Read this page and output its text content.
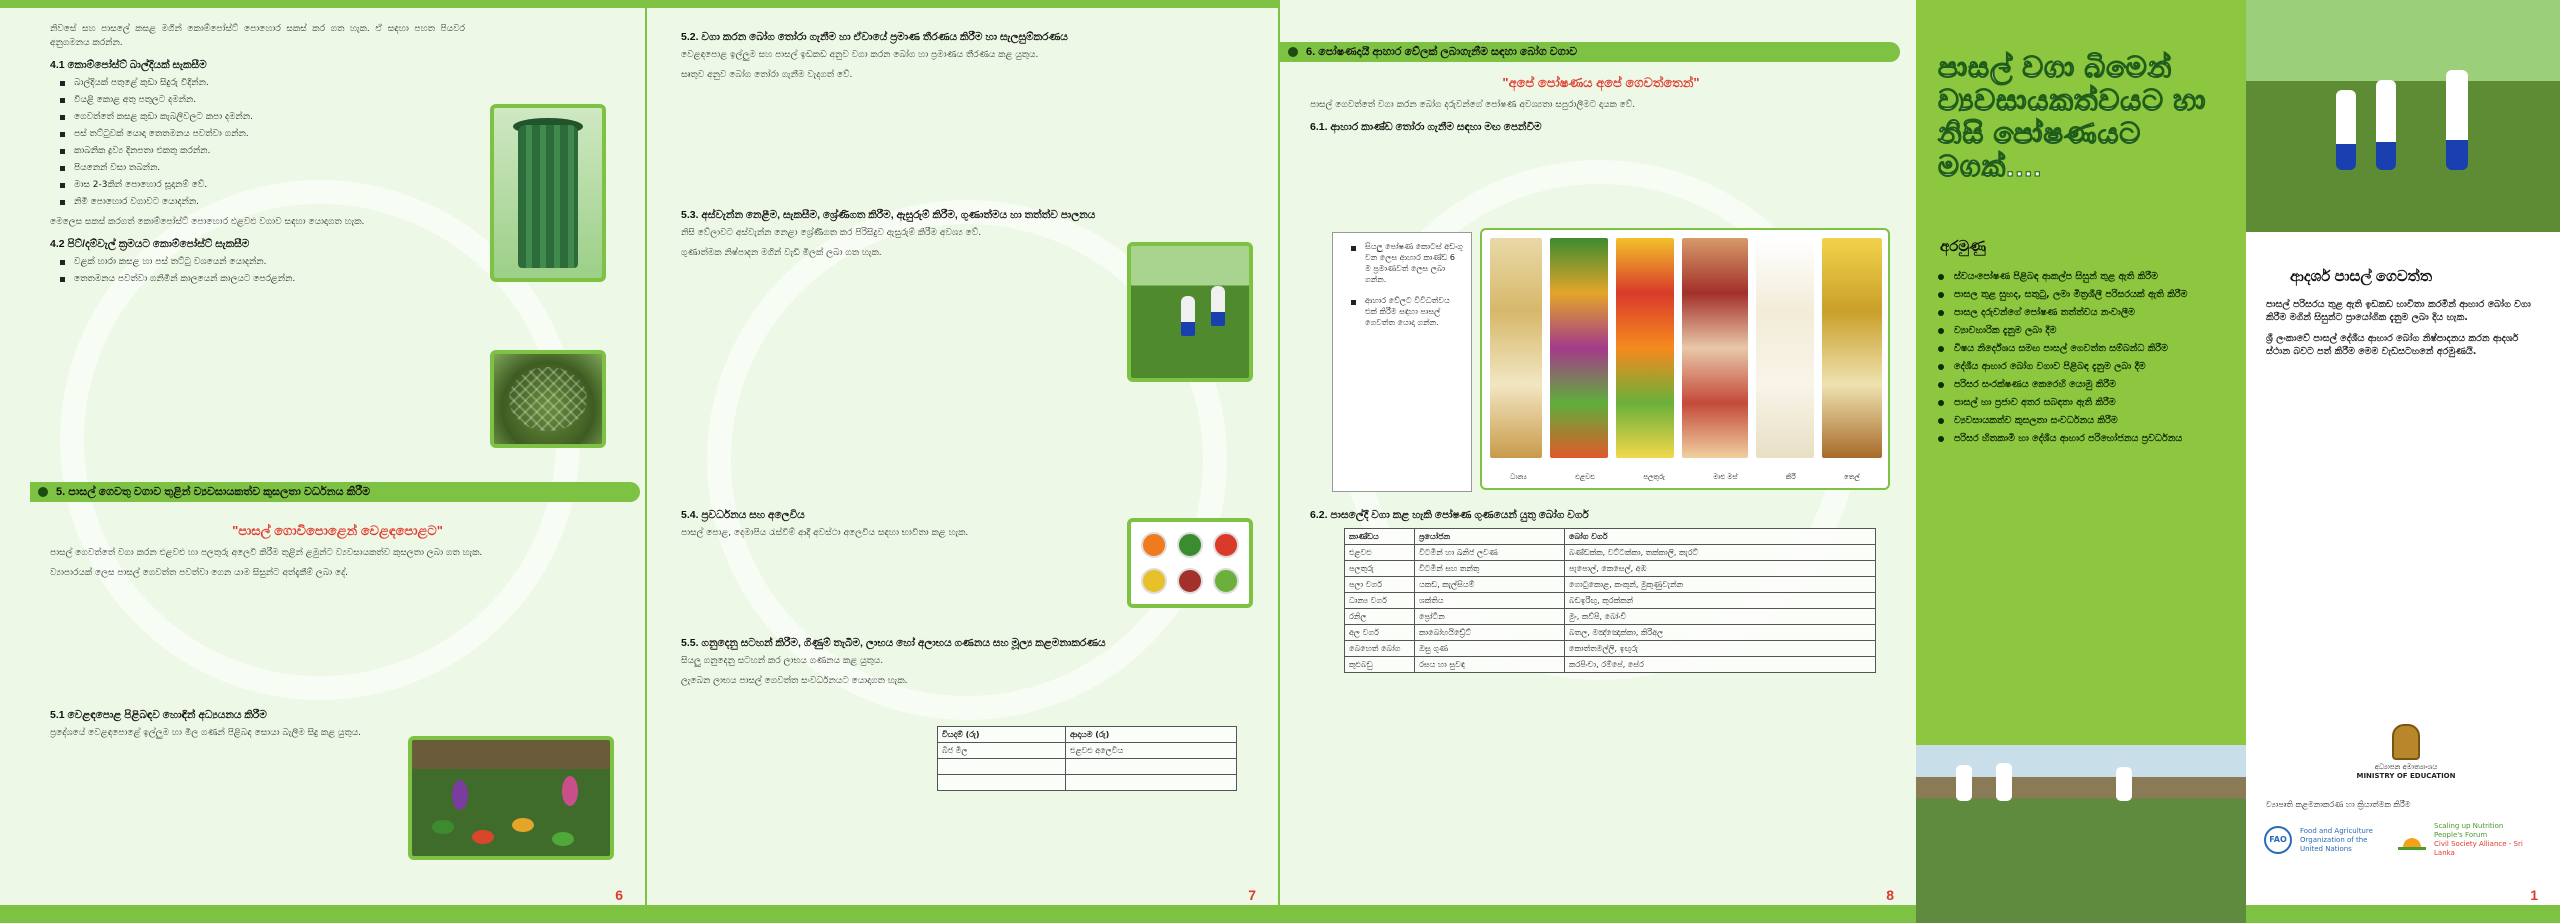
නිවසේ සහ පාසලේ කසළ මගින් කොම්පෝස්ට් පොහොර සකස් කර ගත හැක. ඒ සඳහා පහත පියවර අනුගමනය කරන්න.

4.1 කොම්පෝස්ට් බාල්දියක් සැකසීම
බාල්දියක් පතුළේ කුඩා සිදුරු විදින්න.
වියළි කොළ අතු පතුලට දමන්න.
ගෙවත්තේ කසළ කුඩා කැබලිවලට කපා දමන්න.
පස් තට්ටුවක් යොදා තෙතමනය පවත්වා ගන්න.
කාබනික ද්‍රව්‍ය දිනපතා එකතු කරන්න.
පියනෙන් වසා තබන්න.
මාස 2-3කින් පොහොර සූදානම් වේ.
නිමි පොහොර වගාවට යොදන්න.

මෙලෙස සකස් කරගත් කොම්පෝස්ට් පොහොර එළවළු වගාව සඳහා යොදාගත හැක.

4.2 පිට්/දම්වැල් ක්‍රමයට කොම්පෝස්ට් සැකසීම
වළක් හාරා කසළ හා පස් තට්ටු වශයෙන් යොදන්න.
තෙතමනය පවත්වා ගනිමින් කාලයෙන් කාලයට පෙරළන්න.
5. පාසල් ගෙවතු වගාව තුළින් ව්‍යවසායකත්ව කුසලතා වර්ධනය කිරීම
"පාසල් ගොවිපොළෙන් වෙළඳපොළට"

පාසල් ගෙවත්තේ වගා කරන එළවළු හා පලතුරු අලෙවි කිරීම තුළින් ළමුන්ට ව්‍යවසායකත්ව කුසලතා ලබා ගත හැක.

ව්‍යාපාරයක් ලෙස පාසල් ගෙවත්ත පවත්වා ගෙන යාම සිසුන්ට අත්දැකීම් ලබා දේ.

5.1 වෙළඳපොළ පිළිබඳව හොඳින් අධ්‍යයනය කිරීම

ප්‍රදේශයේ වෙළඳපොළේ ඉල්ලුම හා මිල ගණන් පිළිබඳ සොයා බැලීම සිදු කළ යුතුය.

6
5.2. වගා කරන බෝග තෝරා ගැනීම හා ඒවායේ ප්‍රමාණ තීරණය කිරීම හා සැලසුම්කරණය

වෙළඳපොළ ඉල්ලුම සහ පාසල් ඉඩකඩ අනුව වගා කරන බෝග හා ප්‍රමාණය තීරණය කළ යුතුය.

සෘතුව අනුව බෝග තෝරා ගැනීම වැදගත් වේ.

5.3. අස්වැන්න නෙළීම, සැකසීම, ශ්‍රේණිගත කිරීම, ඇසුරුම් කිරීම, ගුණාත්මය හා තත්ත්ව පාලනය

නිසි වේලාවට අස්වැන්න නෙළා ශ්‍රේණිගත කර පිරිසිදුව ඇසුරුම් කිරීම අවශ්‍ය වේ.

ගුණාත්මක නිෂ්පාදන මගින් වැඩි මිලක් ලබා ගත හැක.

5.4. ප්‍රවර්ධනය සහ අලෙවිය

පාසල් පොළ, දෙමාපිය රැස්වීම් ආදී අවස්ථා අලෙවිය සඳහා භාවිතා කළ හැක.

5.5. ගනුදෙනු සටහන් කිරීම, ගිණුම් තැබීම, ලාභය හෝ අලාභය ගණනය සහ මූල්‍ය කළමනාකරණය

සියලු ගනුදෙනු සටහන් කර ලාභය ගණනය කළ යුතුය.

ලැබෙන ලාභය පාසල් ගෙවත්ත සංවර්ධනයට යොදාගත හැක.

වියදම් (රු)	ආදායම (රු)
බීජ මිල	එළවළු අලෙවිය

7
6. පෝෂණදායී ආහාර වේලක් ලබාගැනීම සඳහා බෝග වගාව
"අපේ පෝෂණය අපේ ගෙවත්තෙන්"

පාසල් ගෙවත්තේ වගා කරන බෝග දරුවන්ගේ පෝෂණ අවශ්‍යතා සපුරාලීමට දායක වේ.

6.1. ආහාර කාණ්ඩ තෝරා ගැනීම සඳහා මඟ පෙන්වීම
සියලු පෝෂණ කොටස් අඩංගු වන ලෙස ආහාර කාණ්ඩ 6 ම ප්‍රමාණවත් ලෙස ලබා ගන්න.
ආහාර වේලට විවිධත්වය එක් කිරීම සඳහා පාසල් ගෙවත්ත යොදා ගන්න.
ධාන්‍ය	එළවළු	පලතුරු	මාළු මස්	කිරි	තෙල්
6.2. පාසලේදී වගා කළ හැකි පෝෂණ ගුණයෙන් යුතු බෝග වර්ග
කාණ්ඩය	ප්‍රයෝජන	බෝග වර්ග
එළවළු	විටමින් හා ඛනිජ ලවණ	බණ්ඩක්ක, වට්ටක්කා, තක්කාලි, කැරට්
පලතුරු	විටමින් සහ තන්තු	පැපොල්, කෙසෙල්, අඹ
පලා වර්ග	යකඩ, කැල්සියම්	ගොටුකොළ, කංකුන්, මුකුණුවැන්න
ධාන්‍ය වර්ග	ශක්තිය	බඩඉරිඟු, කුරක්කන්
රනිල	ප්‍රෝටීන	මුං, කව්පි, බෝංචි
අල වර්ග	කාබෝහයිඩ්‍රේට්	බතල, මඤ්ඤොක්කා, කිරිඅල
බෙහෙත් බෝග	ඔසු ගුණ	කොත්තමල්ලි, ඉඟුරු
කුළුබඩු	රසය හා සුවඳ	කරපිංචා, රම්පේ, සේර
8
පාසල් වගා බිමෙන් ව්‍යවසායකත්වයට හා නිසි පෝෂණයට මගක්....
අරමුණු
ස්වයංපෝෂණ පිළිබඳ ආකල්ප සිසුන් තුළ ඇති කිරීම
පාසල තුළ සුහද, සතුටු, ලමා මිත්‍රශීලී පරිසරයක් ඇති කිරීම
පාසල දරුවන්ගේ පෝෂණ තත්ත්වය නංවාලීම
ව්‍යාවහාරික දැනුම ලබා දීම
විෂය නිර්දේශය සමඟ පාසල් ගෙවත්ත සම්බන්ධ කිරීම
දේශීය ආහාර බෝග වගාව පිළිබඳ දැනුම ලබා දීම
පරිසර සංරක්ෂණය කෙරෙහි යොමු කිරීම
පාසල් හා ප්‍රජාව අතර සබඳතා ඇති කිරීම
ව්‍යවසායකත්ව කුසලතා සංවර්ධනය කිරීම
පරිසර හිතකාමී හා දේශීය ආහාර පරිභෝජනය ප්‍රවර්ධනය
ආදර්ශ පාසල් ගෙවත්ත

පාසල් පරිසරය තුළ ඇති ඉඩකඩ භාවිතා කරමින් ආහාර බෝග වගා කිරීම මගින් සිසුන්ට ප්‍රායෝගික දැනුම ලබා දිය හැක.

ශ්‍රී ලංකාවේ පාසල් දේශීය ආහාර බෝග නිෂ්පාදනය කරන ආදර්ශ ස්ථාන බවට පත් කිරීම මෙම වැඩසටහනේ අරමුණයි.

අධ්‍යාපන අමාත්‍යාංශය
MINISTRY OF EDUCATION
ව්‍යාපෘති කළමනාකරණ හා ක්‍රියාත්මක කිරීම
FAO
Food and Agriculture Organization of the United Nations
Scaling up Nutrition People's Forum
Civil Society Alliance - Sri Lanka
1
